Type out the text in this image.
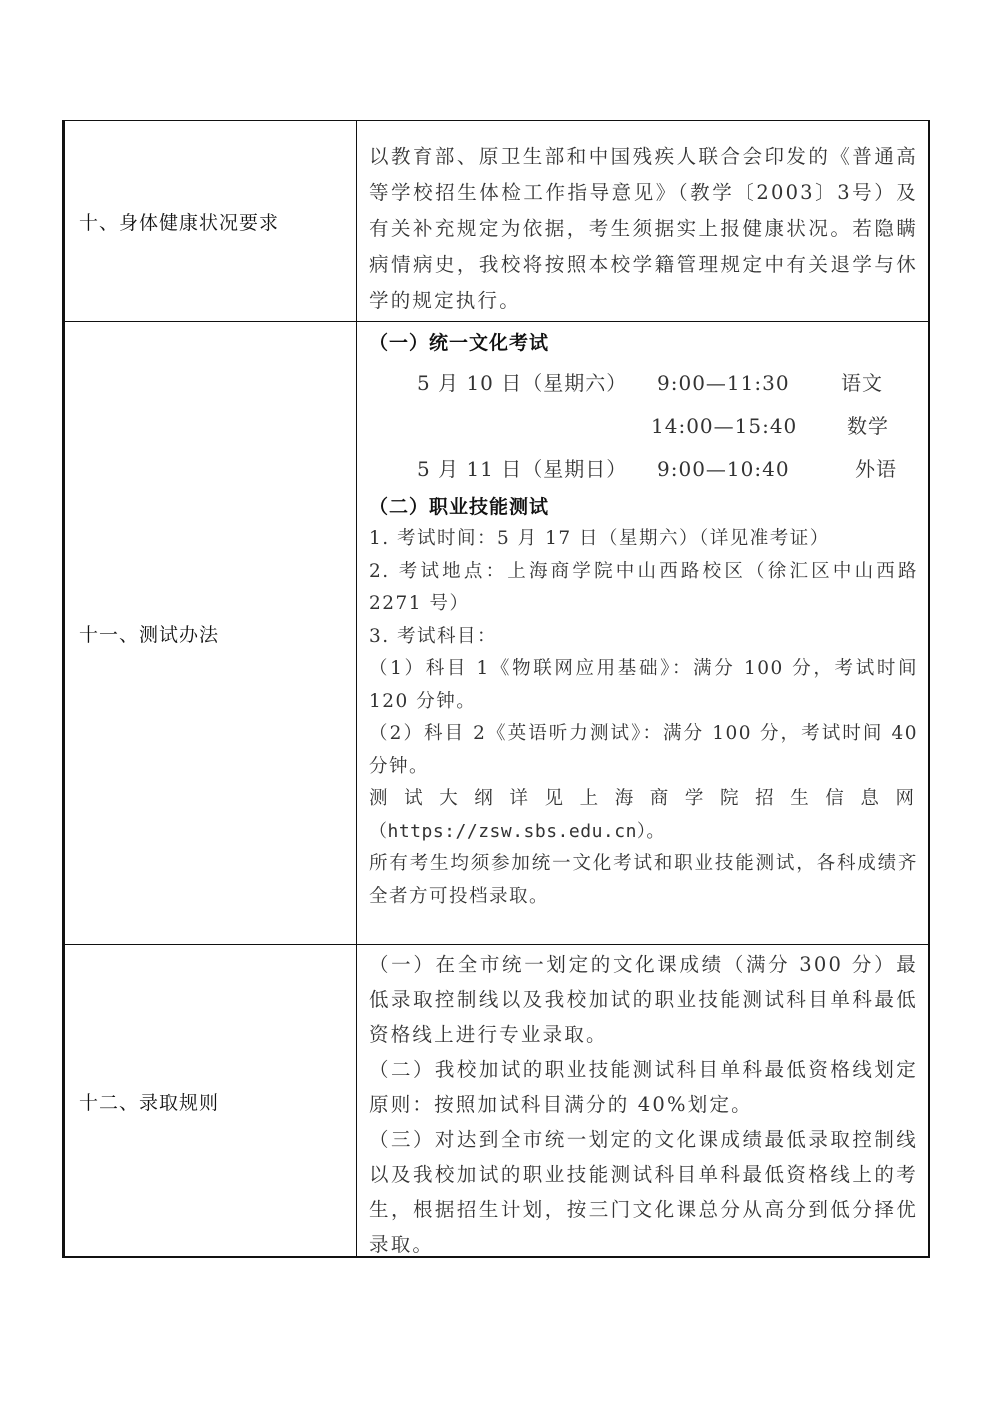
十、身体健康状况要求

以教育部、原卫生部和中国残疾人联合会印发的《普通高等学校招生体检工作指导意见》（教学〔2003〕3号）及有关补充规定为依据，考生须据实上报健康状况。若隐瞒病情病史，我校将按照本校学籍管理规定中有关退学与休学的规定执行。

十一、测试办法

（一）统一文化考试

5 月 10 日（星期六） 9:00—11:30	语文
14:00—15:40 数学
5 月 11 日（星期日） 9:00—10:40	外语

（二）职业技能测试

1. 考试时间：5 月 17 日（星期六）（详见准考证）

2. 考试地点：上海商学院中山西路校区（徐汇区中山西路 2271 号）

3. 考试科目：

（1）科目 1《物联网应用基础》：满分 100 分，考试时间 120 分钟。

（2）科目 2《英语听力测试》：满分 100 分，考试时间 40 分钟。

测试大纲详见上海商学院招生信息网

（https://zsw.sbs.edu.cn）。

所有考生均须参加统一文化考试和职业技能测试，各科成绩齐全者方可投档录取。

十二、录取规则

（一）在全市统一划定的文化课成绩（满分 300 分）最低录取控制线以及我校加试的职业技能测试科目单科最低资格线上进行专业录取。

（二）我校加试的职业技能测试科目单科最低资格线划定原则：按照加试科目满分的 40%划定。

（三）对达到全市统一划定的文化课成绩最低录取控制线以及我校加试的职业技能测试科目单科最低资格线上的考生，根据招生计划，按三门文化课总分从高分到低分择优录取。
